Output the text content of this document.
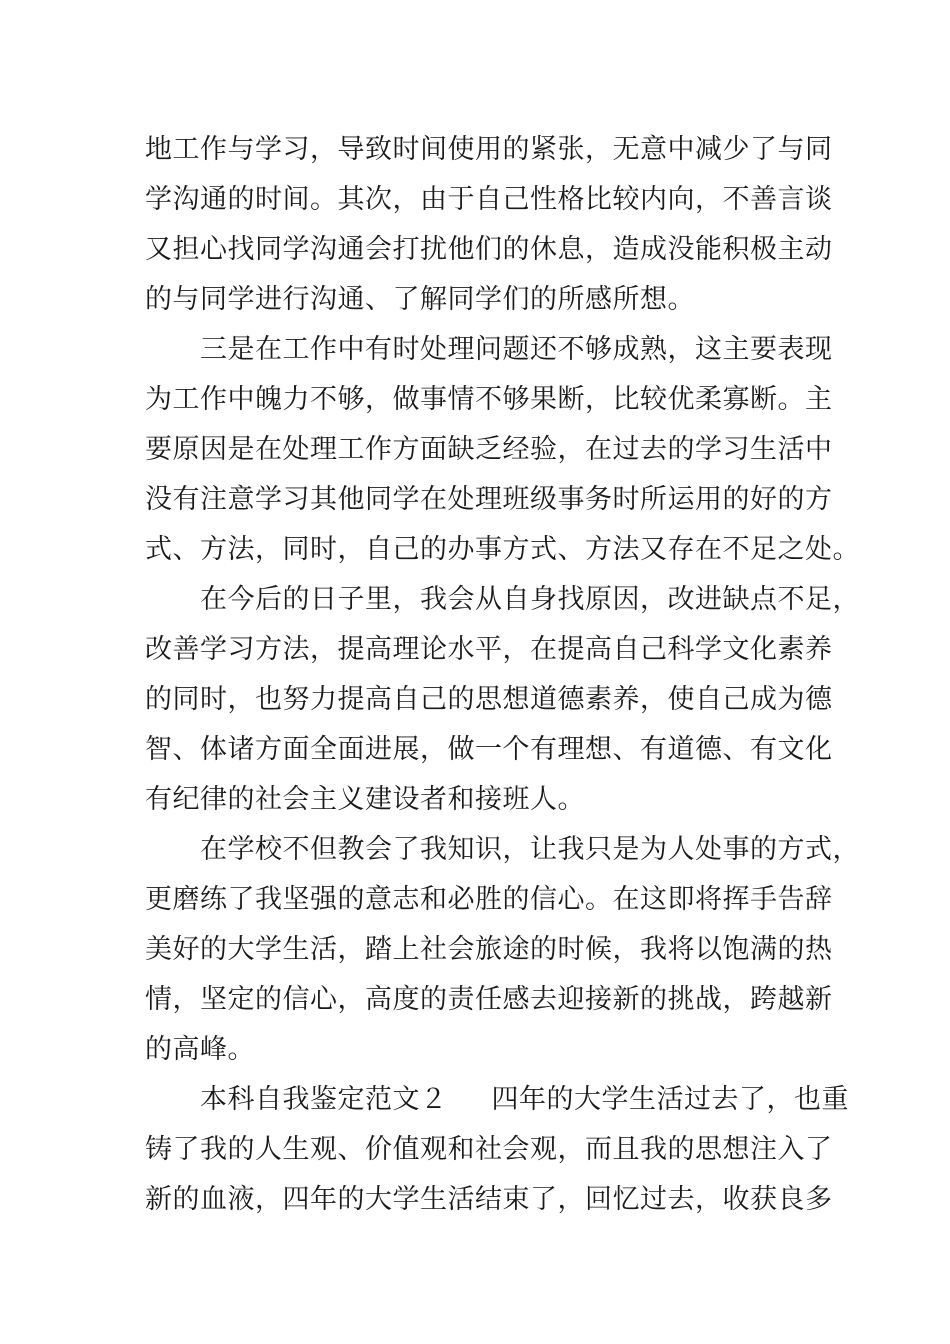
地工作与学习，导致时间使用的紧张，无意中减少了与同
学沟通的时间。其次，由于自己性格比较内向，不善言谈
又担心找同学沟通会打扰他们的休息，造成没能积极主动
的与同学进行沟通、了解同学们的所感所想。
三是在工作中有时处理问题还不够成熟，这主要表现
为工作中魄力不够，做事情不够果断，比较优柔寡断。主
要原因是在处理工作方面缺乏经验，在过去的学习生活中
没有注意学习其他同学在处理班级事务时所运用的好的方
式、方法，同时，自己的办事方式、方法又存在不足之处。
在今后的日子里，我会从自身找原因，改进缺点不足，
改善学习方法，提高理论水平，在提高自己科学文化素养
的同时，也努力提高自己的思想道德素养，使自己成为德
智、体诸方面全面进展，做一个有理想、有道德、有文化
有纪律的社会主义建设者和接班人。
在学校不但教会了我知识，让我只是为人处事的方式，
更磨练了我坚强的意志和必胜的信心。在这即将挥手告辞
美好的大学生活，踏上社会旅途的时候，我将以饱满的热
情，坚定的信心，高度的责任感去迎接新的挑战，跨越新
的高峰。
本科自我鉴定范文２ 四年的大学生活过去了，也重
铸了我的人生观、价值观和社会观，而且我的思想注入了
新的血液，四年的大学生活结束了，回忆过去，收获良多
